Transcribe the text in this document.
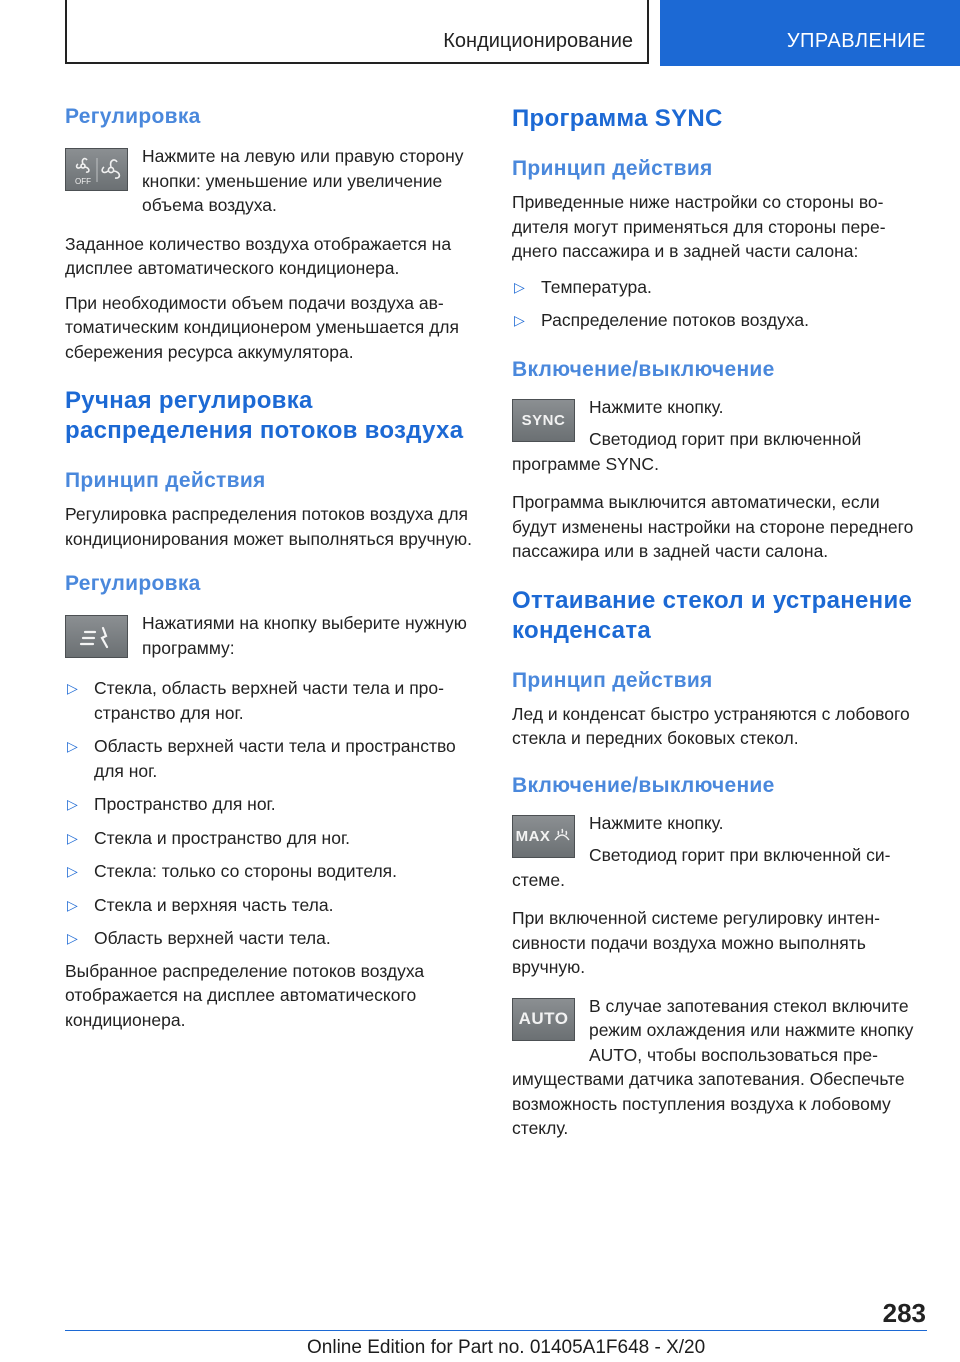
Кондиционирование	УПРАВЛЕНИЕ
Регулировка
OFF

Нажмите на левую или правую сторону кнопки: уменьшение или увеличение объема воздуха.

Заданное количество воздуха отображается на дисплее автоматического кондиционера.

При необходимости объем подачи воздуха автоматическим кондиционером уменьшается для сбережения ресурса аккумулятора.

Ручная регулировка распределения потоков воздуха
Принцип действия

Регулировка распределения потоков воздуха для кондиционирования может выполняться вручную.

Регулировка

Нажатиями на кнопку выберите нужную программу:

▷ Стекла, область верхней части тела и пространство для ног.
▷ Область верхней части тела и пространство для ног.
▷ Пространство для ног.
▷ Стекла и пространство для ног.
▷ Стекла: только со стороны водителя.
▷ Стекла и верхняя часть тела.
▷ Область верхней части тела.

Выбранное распределение потоков воздуха отображается на дисплее автоматического кондиционера.

Программа SYNC
Принцип действия

Приведенные ниже настройки со стороны водителя могут применяться для стороны переднего пассажира и в задней части салона:

▷ Температура.
▷ Распределение потоков воздуха.
Включение/выключение
SYNC

Нажмите кнопку.

Светодиод горит при включенной программе SYNC.

Программа выключится автоматически, если будут изменены настройки на стороне переднего пассажира или в задней части салона.

Оттаивание стекол и устранение конденсата
Принцип действия

Лед и конденсат быстро устраняются с лобового стекла и передних боковых стекол.

Включение/выключение
MAX

Нажмите кнопку.

Светодиод горит при включенной системе.

При включенной системе регулировку интенсивности подачи воздуха можно выполнять вручную.

AUTO

В случае запотевания стекол включите режим охлаждения или нажмите кнопку AUTO, чтобы воспользоваться преимуществами датчика запотевания. Обеспечьте возможность поступления воздуха к лобовому стеклу.

283
Online Edition for Part no. 01405A1F648 - X/20
